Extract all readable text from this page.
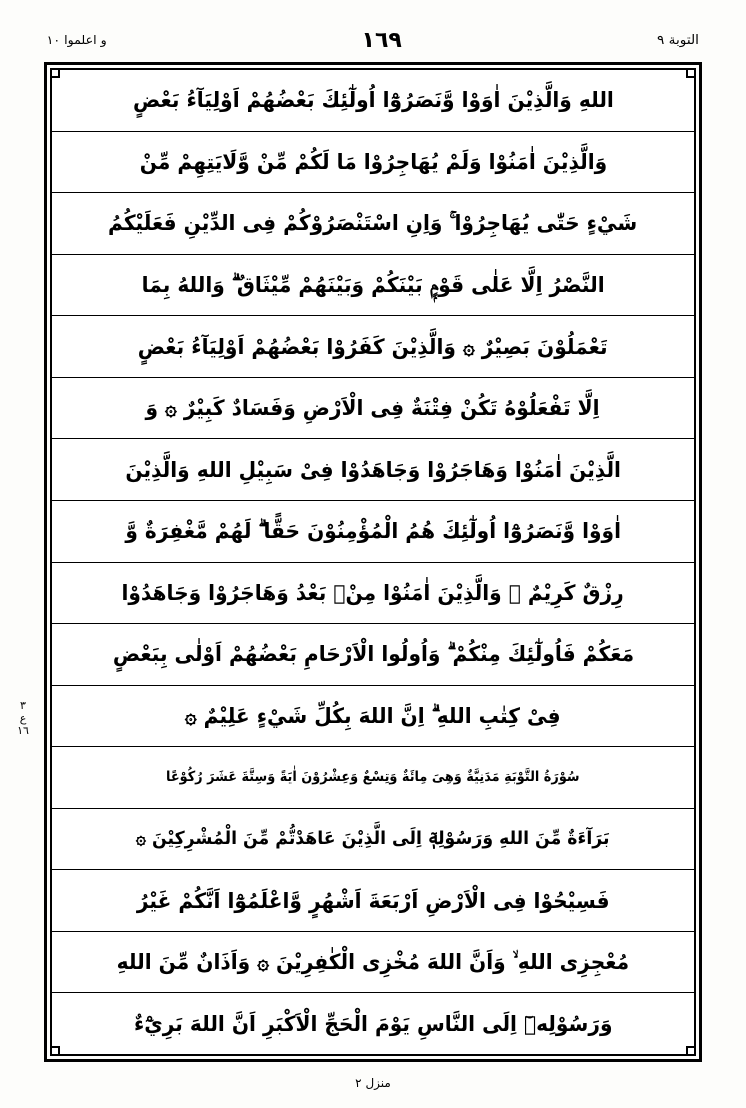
التوبة ٩
١٦٩
و اعلموا ١٠
٣
ع
١٦
اللهِ وَالَّذِيْنَ اٰوَوْا وَّنَصَرُوْٓا اُولٰٓئِكَ بَعْضُهُمْ اَوْلِيَآءُ بَعْضٍ
وَالَّذِيْنَ اٰمَنُوْا وَلَمْ يُهَاجِرُوْا مَا لَكُمْ مِّنْ وَّلَايَتِهِمْ مِّنْ
شَيْءٍ حَتّٰى يُهَاجِرُوْا ۚ وَاِنِ اسْتَنْصَرُوْكُمْ فِى الدِّيْنِ فَعَلَيْكُمُ
النَّصْرُ اِلَّا عَلٰى قَوْمٍۭ بَيْنَكُمْ وَبَيْنَهُمْ مِّيْثَاقٌ ۗ وَاللهُ بِمَا
تَعْمَلُوْنَ بَصِيْرٌ ۞ وَالَّذِيْنَ كَفَرُوْا بَعْضُهُمْ اَوْلِيَآءُ بَعْضٍ
اِلَّا تَفْعَلُوْهُ تَكُنْ فِتْنَةٌ فِى الْاَرْضِ وَفَسَادٌ كَبِيْرٌ ۞ وَ
الَّذِيْنَ اٰمَنُوْا وَهَاجَرُوْا وَجَاهَدُوْا فِىْ سَبِيْلِ اللهِ وَالَّذِيْنَ
اٰوَوْا وَّنَصَرُوْٓا اُولٰٓئِكَ هُمُ الْمُؤْمِنُوْنَ حَقًّا ۗ لَهُمْ مَّغْفِرَةٌ وَّ
رِزْقٌ كَرِيْمٌ ۞ وَالَّذِيْنَ اٰمَنُوْا مِنْۢ بَعْدُ وَهَاجَرُوْا وَجَاهَدُوْا
مَعَكُمْ فَاُولٰٓئِكَ مِنْكُمْ ۗ وَاُولُوا الْاَرْحَامِ بَعْضُهُمْ اَوْلٰى بِبَعْضٍ
فِىْ كِتٰبِ اللهِ ۗ اِنَّ اللهَ بِكُلِّ شَيْءٍ عَلِيْمٌ ۞
سُوْرَةُ التَّوْبَةِ مَدَنِيَّةٌ وَهِىَ مِائَةٌ وَتِسْعٌ وَعِشْرُوْنَ اٰيَةً وَسِتَّةَ عَشَرَ رُكُوْعًا
بَرَآءَةٌ مِّنَ اللهِ وَرَسُوْلِهٖٓ اِلَى الَّذِيْنَ عَاهَدْتُّمْ مِّنَ الْمُشْرِكِيْنَ ۞
فَسِيْحُوْا فِى الْاَرْضِ اَرْبَعَةَ اَشْهُرٍ وَّاعْلَمُوْٓا اَنَّكُمْ غَيْرُ
مُعْجِزِى اللهِ ۙ وَاَنَّ اللهَ مُخْزِى الْكٰفِرِيْنَ ۞ وَاَذَانٌ مِّنَ اللهِ
وَرَسُوْلِهٖٓ اِلَى النَّاسِ يَوْمَ الْحَجِّ الْاَكْبَرِ اَنَّ اللهَ بَرِيْٓءٌ
منزل ٢
